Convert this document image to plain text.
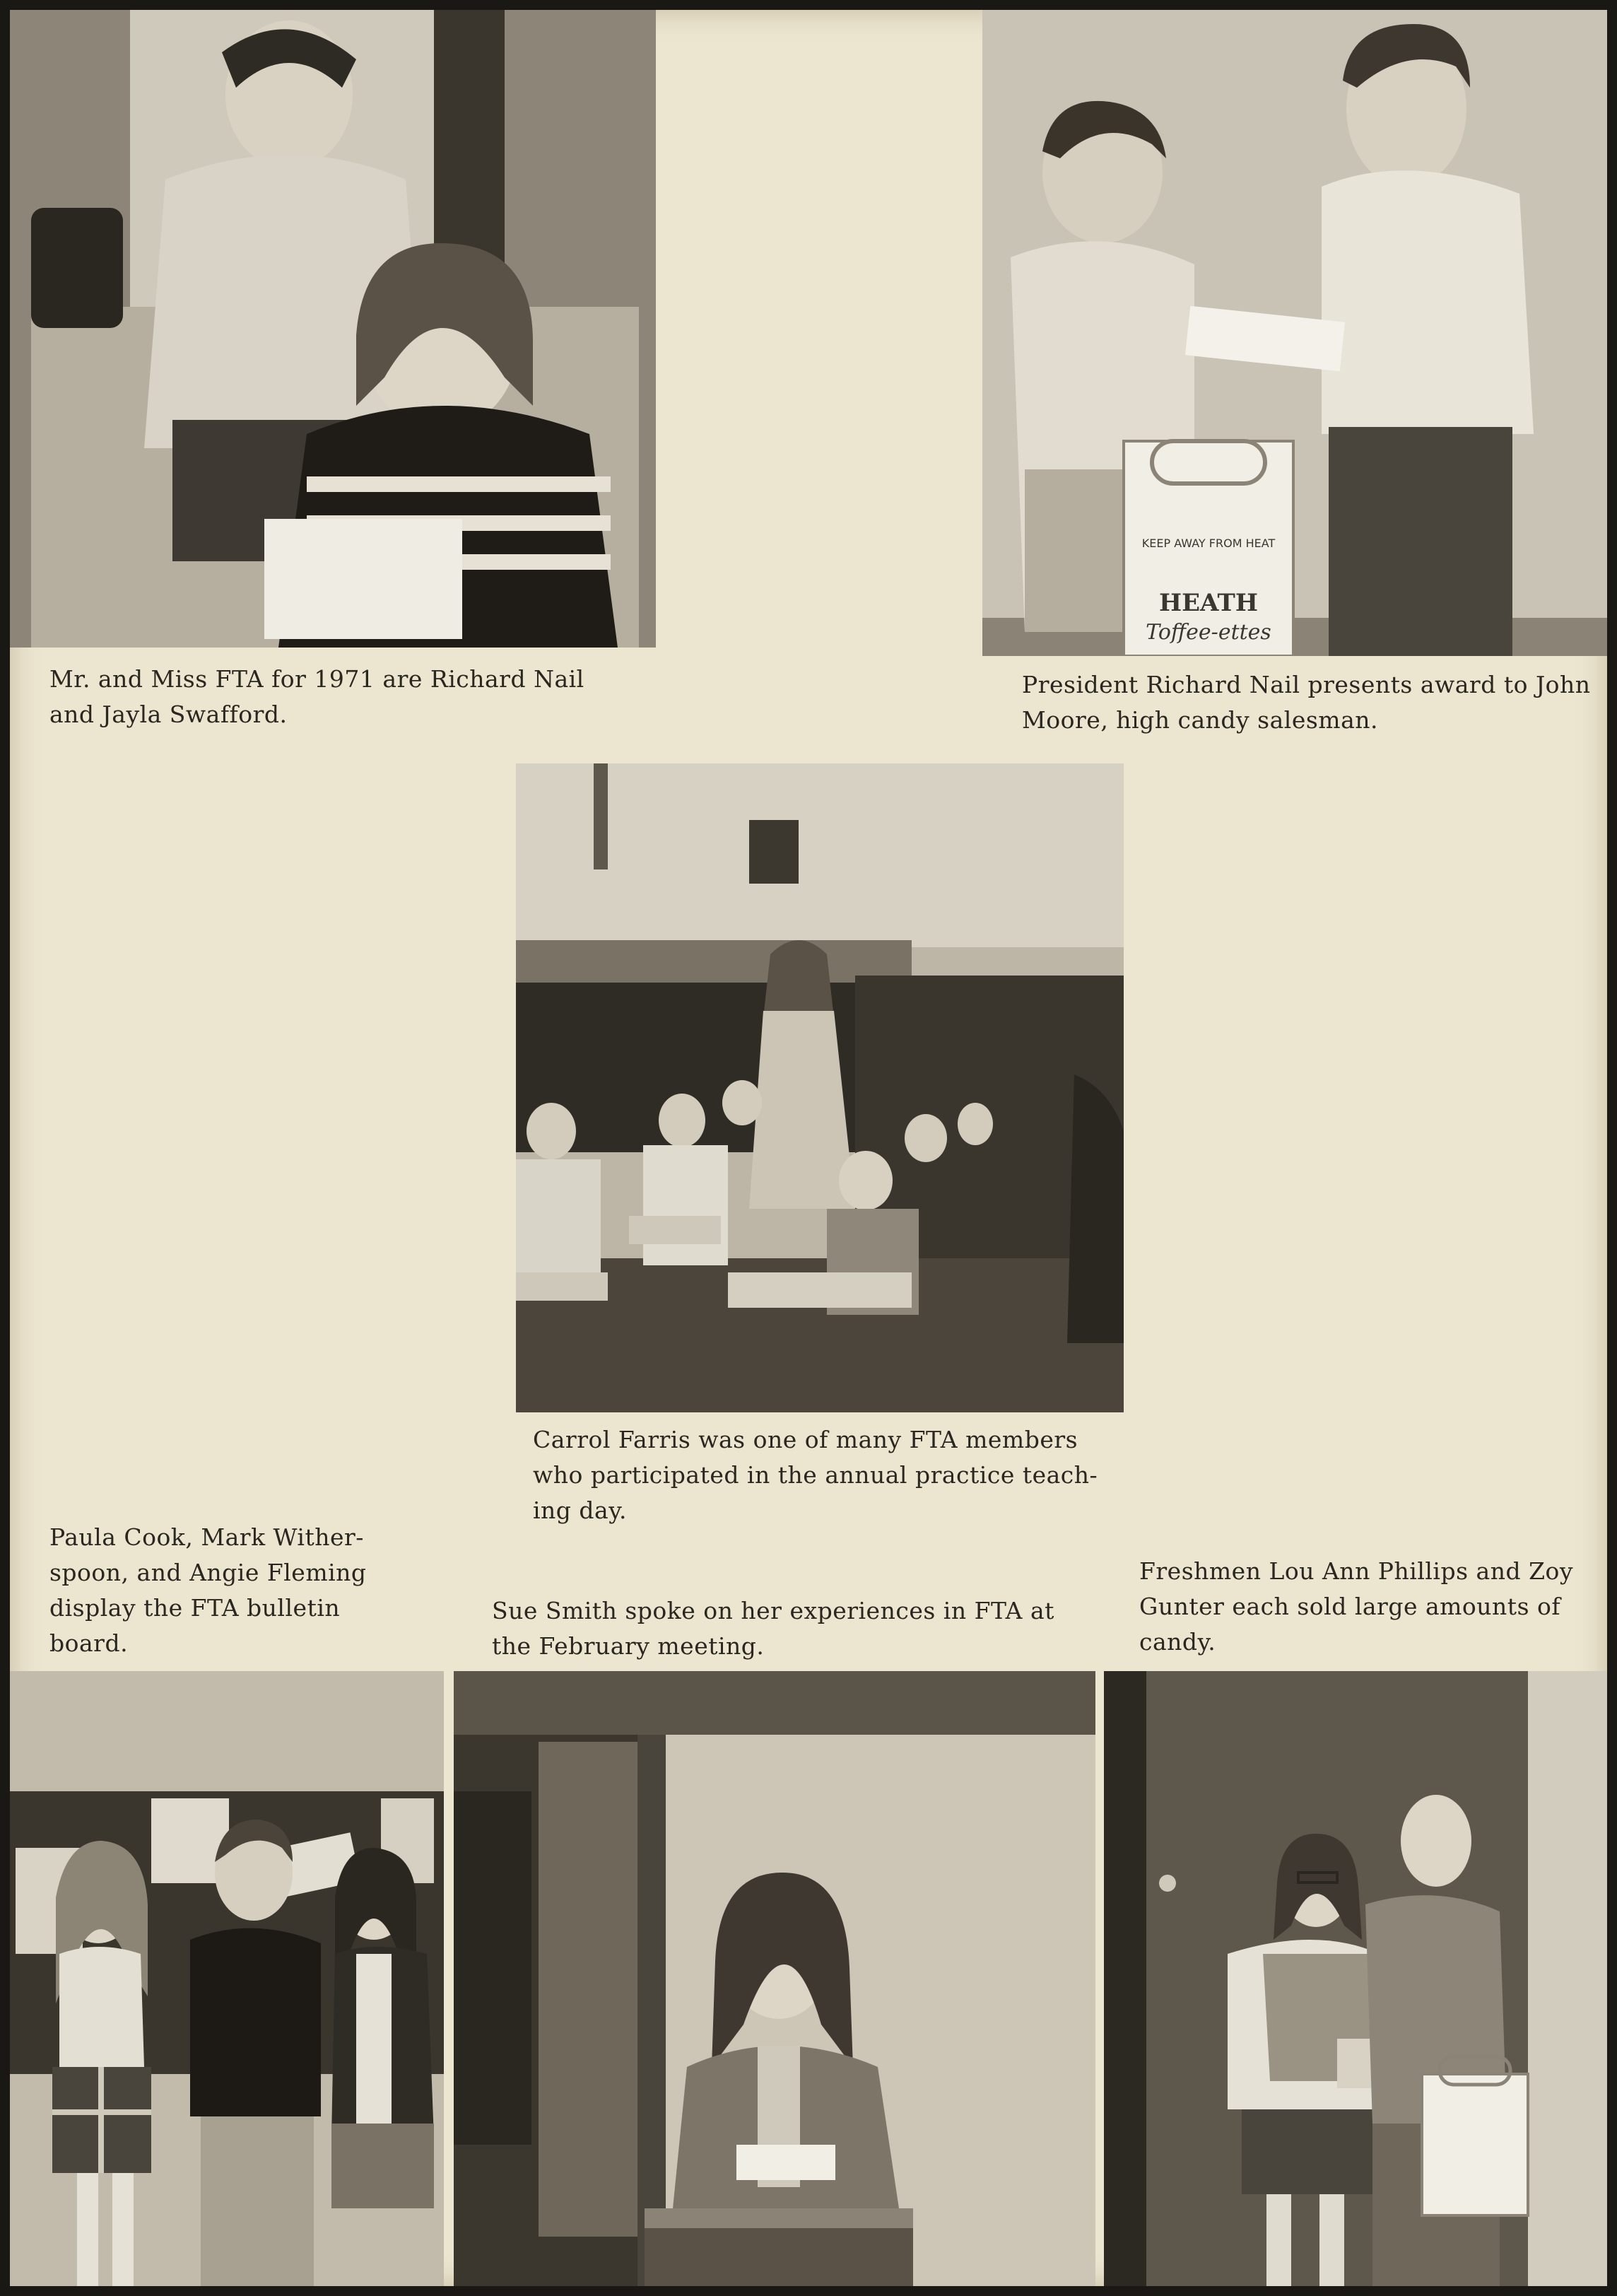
KEEP AWAY FROM HEAT
HEATH
Toffee-ettes

Mr. and Miss FTA for 1971 are Richard Nail
and Jayla Swafford.

President Richard Nail presents award to John
Moore, high candy salesman.

Carrol Farris was one of many FTA members
who participated in the annual practice teach-
ing day.

Paula Cook, Mark Wither-
spoon, and Angie Fleming
display the FTA bulletin
board.

Sue Smith spoke on her experiences in FTA at
the February meeting.

Freshmen Lou Ann Phillips and Zoy
Gunter each sold large amounts of
candy.
